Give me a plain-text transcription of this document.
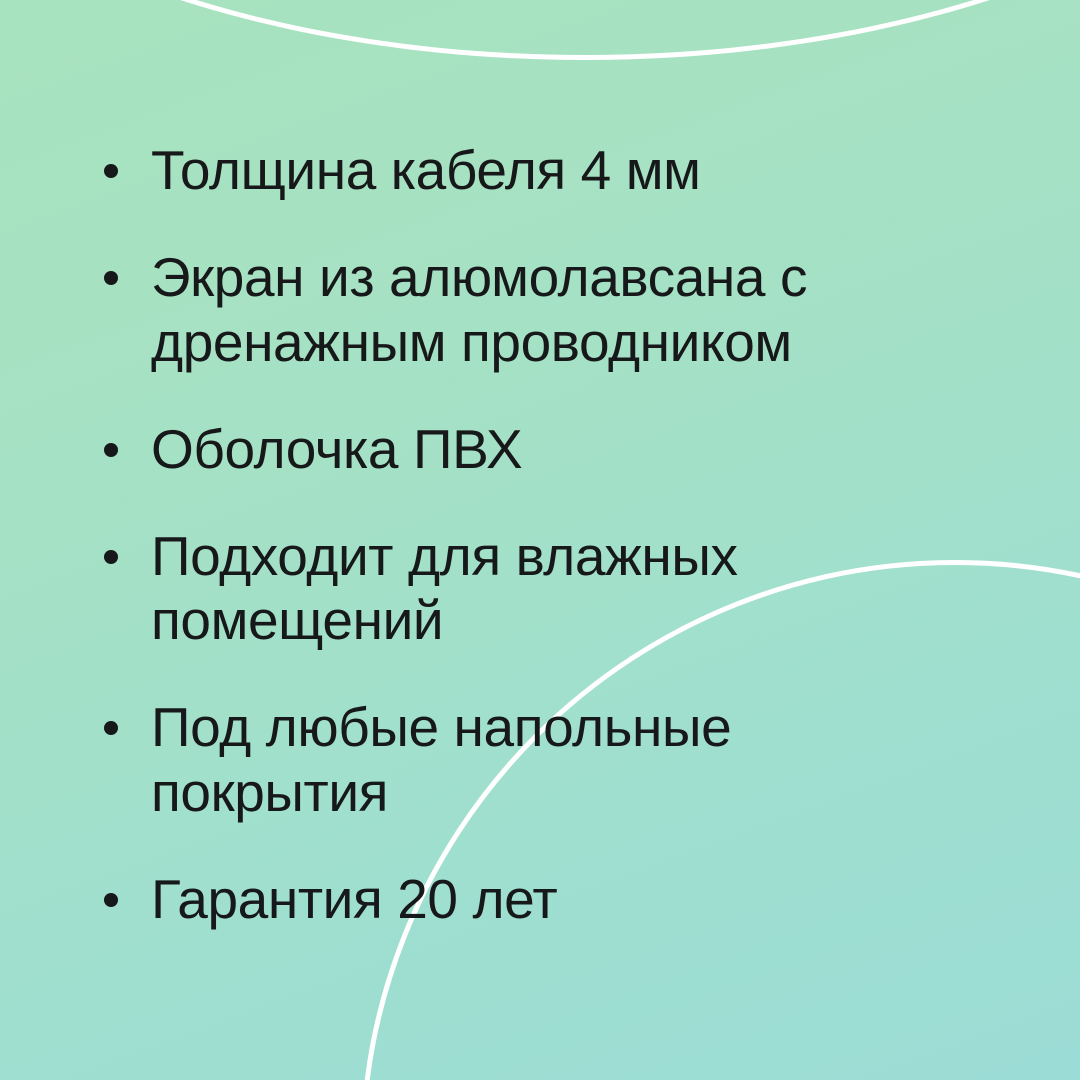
Толщина кабеля 4 мм
Экран из алюмолавсана с дренажным проводником
Оболочка ПВХ
Подходит для влажных помещений
Под любые напольные покрытия
Гарантия 20 лет
